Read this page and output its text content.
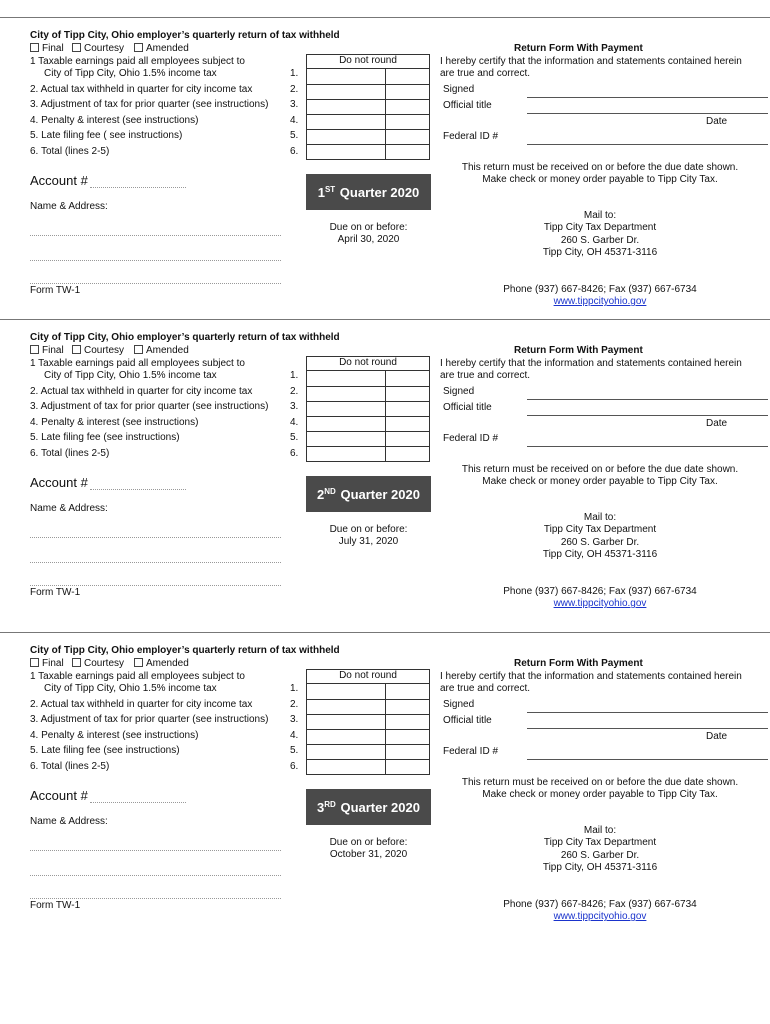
City of Tipp City, Ohio employer’s quarterly return of tax withheld
Final	Courtesy	Amended	Return Form With Payment
1 Taxable earnings paid all employees subject to
City of Tipp City, Ohio 1.5% income tax
2. Actual tax withheld in quarter for city income tax
3. Adjustment of tax for prior quarter (see instructions)
4. Penalty & interest (see instructions)
5. Late filing fee ( see instructions)
6. Total (lines 2-5)
1.
2.
3.
4.
5.
6.
Do not round	I hereby certify that the information and statements contained herein
are true and correct.
Signed
Official title
Date
Federal ID #
This return must be received on or before the due date shown.
Make check or money order payable to Tipp City Tax.
Account #
1ST
Quarter 2020
Name & Address:
Due on or before:
April 30, 2020
Mail to:
Tipp City Tax Department
260 S. Garber Dr.
Tipp City, OH 45371-3116
Form TW-1	Phone (937) 667-8426; Fax (937) 667-6734
www.tippcityohio.gov
City of Tipp City, Ohio employer’s quarterly return of tax withheld
Final	Courtesy	Amended	Return Form With Payment
1 Taxable earnings paid all employees subject to
City of Tipp City, Ohio 1.5% income tax
2. Actual tax withheld in quarter for city income tax
3. Adjustment of tax for prior quarter (see instructions)
4. Penalty & interest (see instructions)
5. Late filing fee (see instructions)
6. Total (lines 2-5)
1.
2.
3.
4.
5.
6.
Do not round	I hereby certify that the information and statements contained herein
are true and correct.
Signed
Official title
Date
Federal ID #
This return must be received on or before the due date shown.
Make check or money order payable to Tipp City Tax.
Account #
2ND
Quarter 2020
Name & Address:
Due on or before:
July 31, 2020
Mail to:
Tipp City Tax Department
260 S. Garber Dr.
Tipp City, OH 45371-3116
Form TW-1	Phone (937) 667-8426; Fax (937) 667-6734
www.tippcityohio.gov
City of Tipp City, Ohio employer’s quarterly return of tax withheld
Final	Courtesy	Amended	Return Form With Payment
1 Taxable earnings paid all employees subject to
City of Tipp City, Ohio 1.5% income tax
2. Actual tax withheld in quarter for city income tax
3. Adjustment of tax for prior quarter (see instructions)
4. Penalty & interest (see instructions)
5. Late filing fee (see instructions)
6. Total (lines 2-5)
1.
2.
3.
4.
5.
6.
Do not round	I hereby certify that the information and statements contained herein
are true and correct.
Signed
Official title
Date
Federal ID #
This return must be received on or before the due date shown.
Make check or money order payable to Tipp City Tax.
Account #
3RD
Quarter 2020
Name & Address:
Due on or before:
October 31, 2020
Mail to:
Tipp City Tax Department
260 S. Garber Dr.
Tipp City, OH 45371-3116
Form TW-1	Phone (937) 667-8426; Fax (937) 667-6734
www.tippcityohio.gov
